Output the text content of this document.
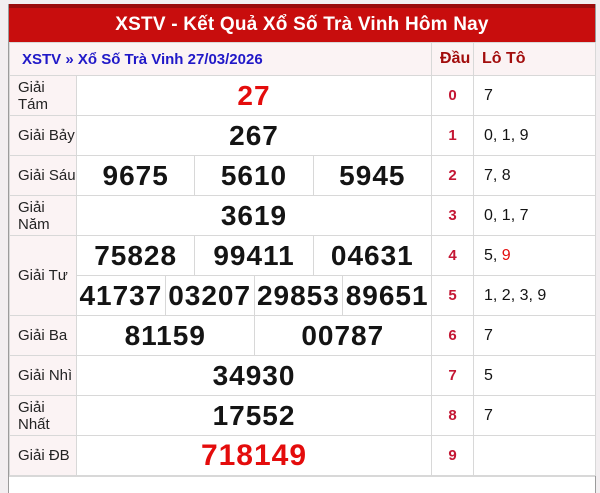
XSTV - Kết Quả Xổ Số Trà Vinh Hôm Nay
XSTV » Xổ Số Trà Vinh 27/03/2026		Đầu	Lô Tô
Giải Tám	27	0	7
Giải Bảy	267	1	0, 1, 9
Giải Sáu	9675 5610 5945	2	7, 8
Giải Năm	3619	3	0, 1, 7
Giải Tư	75828 99411 04631	4	5, 9

41737 03207 29853 89651	5	1, 2, 3, 9
Giải Ba	81159 00787	6	7
Giải Nhì	34930	7	5
Giải Nhất	17552	8	7
Giải ĐB	718149	9	
